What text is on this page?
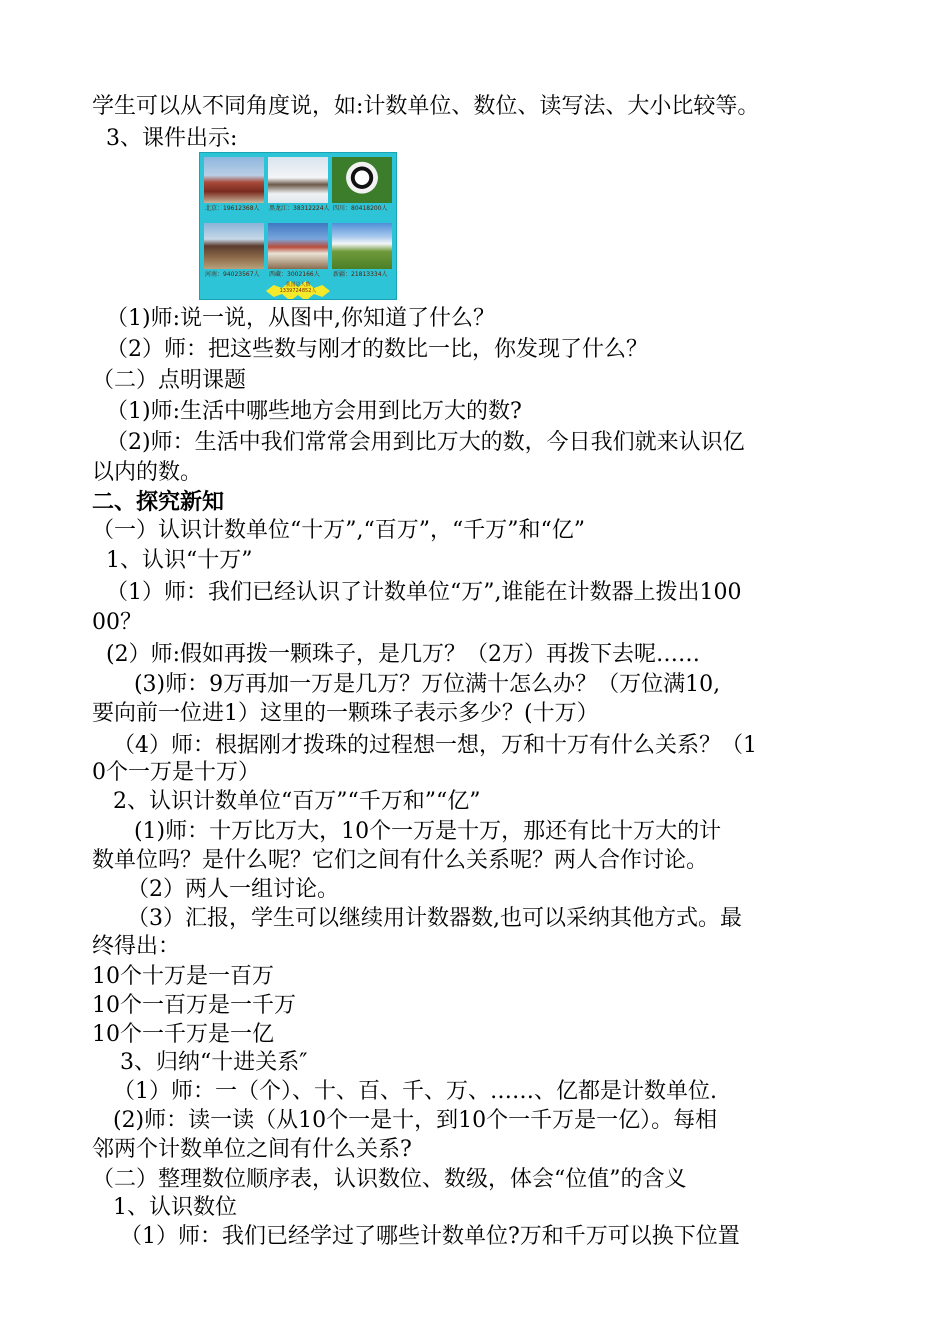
学生可以从不同角度说，如:计数单位、数位、读写法、大小比较等。
3、课件出示:
北京：19612368人 黑龙江：38312224人 四川：80418200人
河南：94023567人 西藏：3002166人 新疆：21813334人
我国总人数
1339724852人
（1)师:说一说，从图中,你知道了什么？
（2）师：把这些数与刚才的数比一比，你发现了什么？
（二）点明课题
（1)师:生活中哪些地方会用到比万大的数?
（2)师：生活中我们常常会用到比万大的数，今日我们就来认识亿
以内的数。
二、探究新知
（一）认识计数单位“十万”,“百万”，“千万”和“亿”
1、认识“十万”
（1）师：我们已经认识了计数单位“万”,谁能在计数器上拨出100
00？
(2）师:假如再拨一颗珠子，是几万？（2万）再拨下去呢……
(3)师：9万再加一万是几万？万位满十怎么办？（万位满10,
要向前一位进1）这里的一颗珠子表示多少？(十万）
（4）师：根据刚才拨珠的过程想一想，万和十万有什么关系？（1
0个一万是十万）
2、认识计数单位“百万”“千万和”“亿”
(1)师：十万比万大，10个一万是十万，那还有比十万大的计
数单位吗？是什么呢？它们之间有什么关系呢？两人合作讨论。
（2）两人一组讨论。
（3）汇报，学生可以继续用计数器数,也可以采纳其他方式。最
终得出：
10个十万是一百万
10个一百万是一千万
10个一千万是一亿
3、归纳“十进关系″
（1）师：一（个）、十、百、千、万、……、亿都是计数单位.
(2)师：读一读（从10个一是十，到10个一千万是一亿）。每相
邻两个计数单位之间有什么关系?
（二）整理数位顺序表，认识数位、数级，体会“位值”的含义
1、认识数位
（1）师：我们已经学过了哪些计数单位?万和千万可以换下位置
